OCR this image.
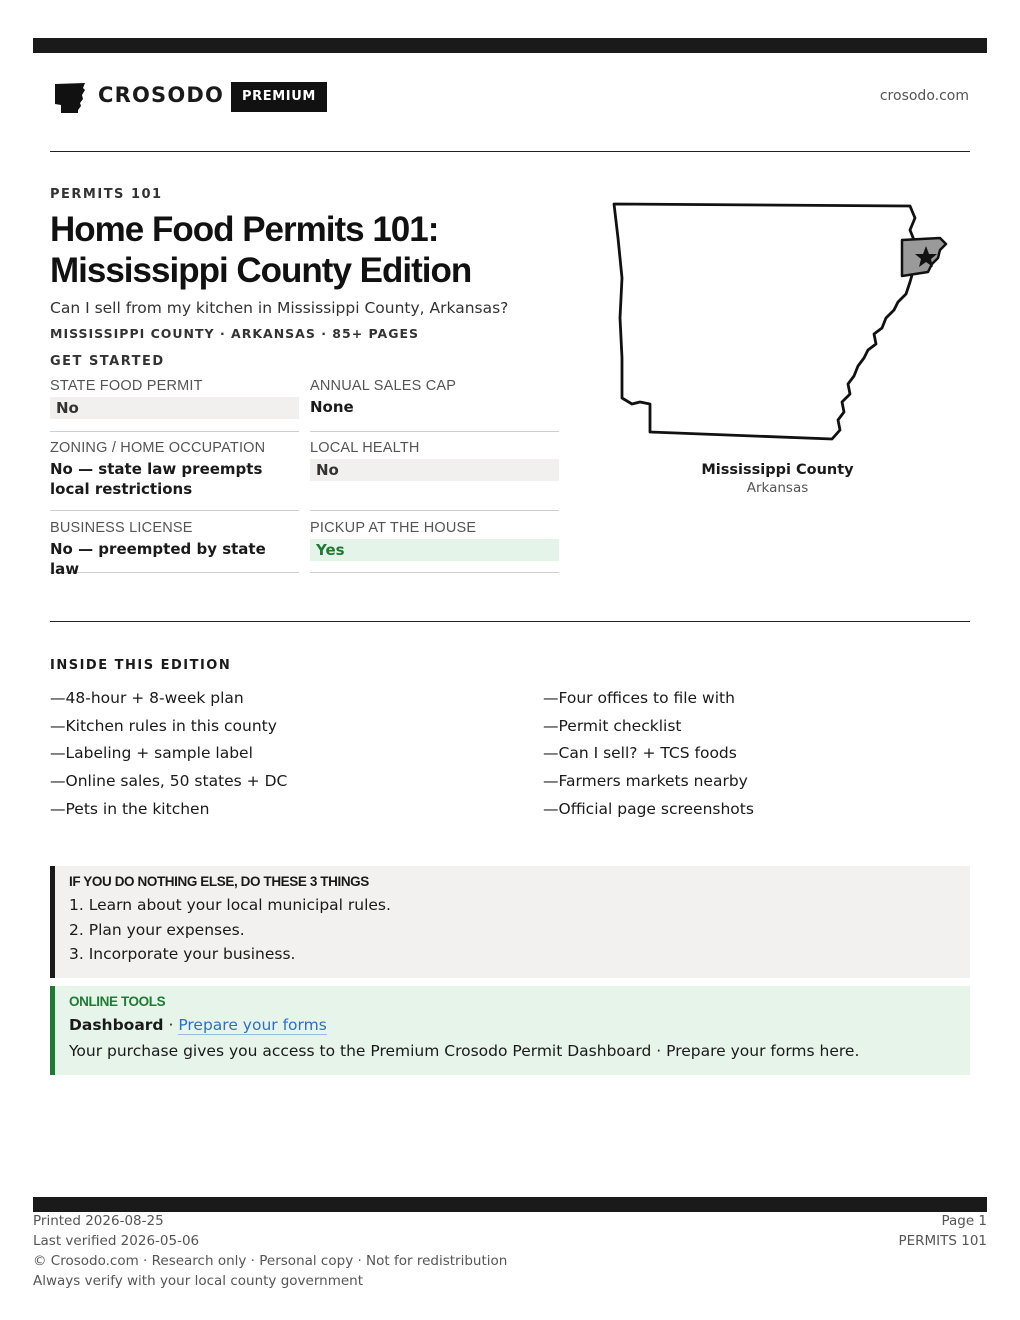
CROSODO	PREMIUM	crosodo.com
PERMITS 101
Home Food Permits 101:
Mississippi County Edition
Can I sell from my kitchen in Mississippi County, Arkansas?
MISSISSIPPI COUNTY · ARKANSAS · 85+ PAGES
GET STARTED
STATE FOOD PERMIT
No
ANNUAL SALES CAP
None
ZONING / HOME OCCUPATION
No — state law preempts local restrictions
LOCAL HEALTH
No
BUSINESS LICENSE
No — preempted by state law
PICKUP AT THE HOUSE
Yes
Mississippi County
Arkansas
INSIDE THIS EDITION
—48-hour + 8-week plan
—Kitchen rules in this county
—Labeling + sample label
—Online sales, 50 states + DC
—Pets in the kitchen
—Four offices to file with
—Permit checklist
—Can I sell? + TCS foods
—Farmers markets nearby
—Official page screenshots
IF YOU DO NOTHING ELSE, DO THESE 3 THINGS
1. Learn about your local municipal rules.
2. Plan your expenses.
3. Incorporate your business.
ONLINE TOOLS
Dashboard · Prepare your forms
Your purchase gives you access to the Premium Crosodo Permit Dashboard · Prepare your forms here.
Printed 2026-08-25
Last verified 2026-05-06
© Crosodo.com · Research only · Personal copy · Not for redistribution
Always verify with your local county government
Page 1
PERMITS 101
